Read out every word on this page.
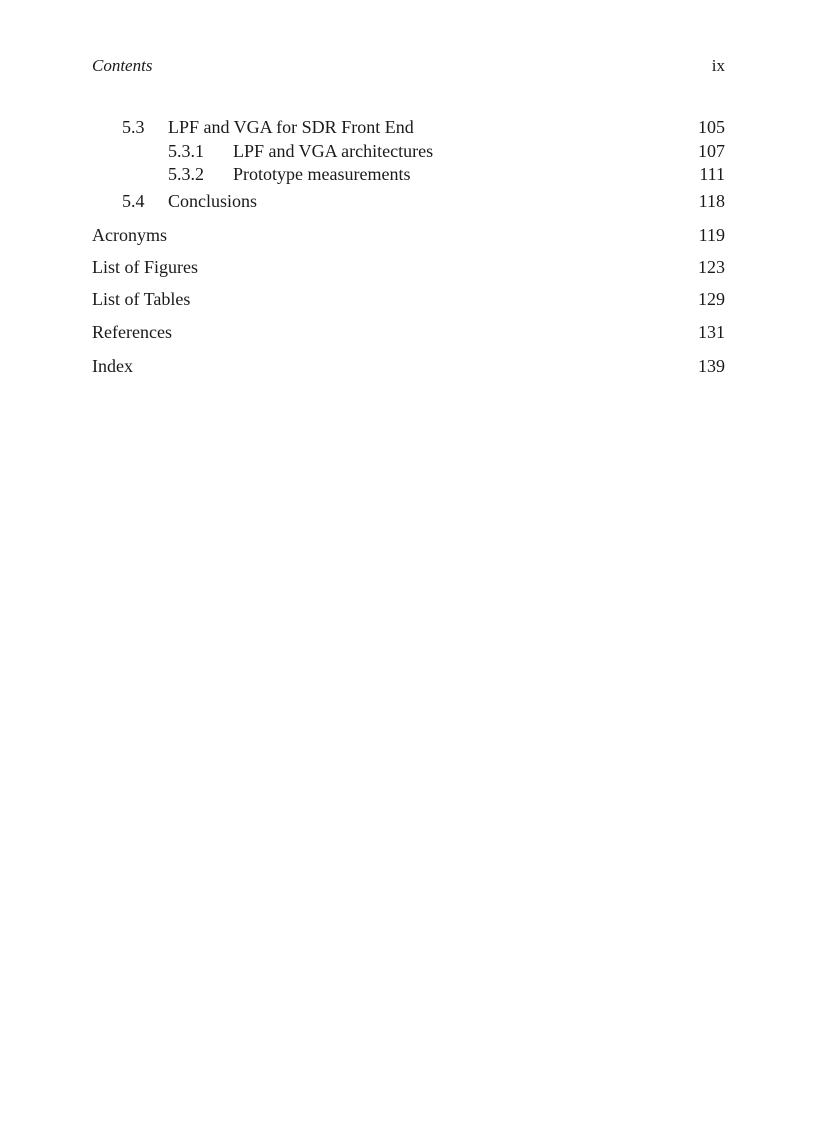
Contents	ix
5.3 LPF and VGA for SDR Front End	105
5.3.1 LPF and VGA architectures	107
5.3.2 Prototype measurements	111
5.4 Conclusions	118
Acronyms	119
List of Figures	123
List of Tables	129
References	131
Index	139
